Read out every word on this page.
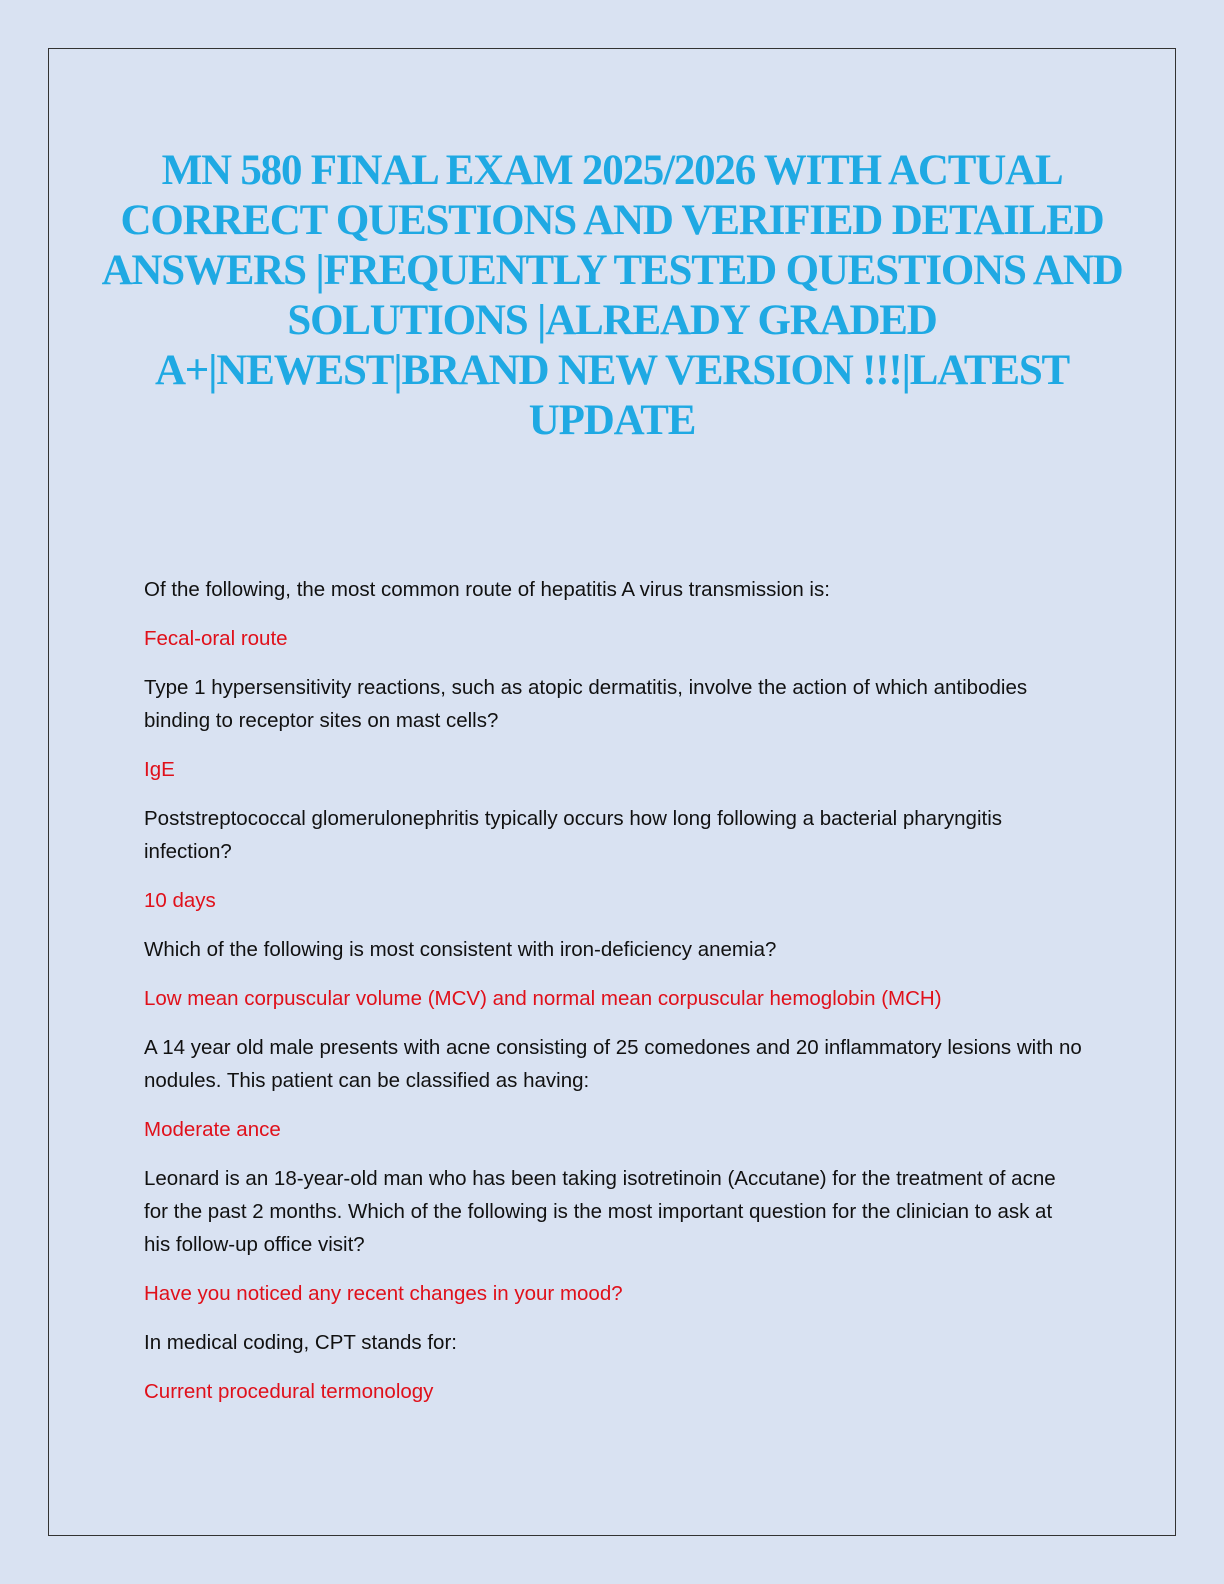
MN 580 FINAL EXAM 2025/2026 WITH ACTUAL CORRECT QUESTIONS AND VERIFIED DETAILED ANSWERS |FREQUENTLY TESTED QUESTIONS AND SOLUTIONS |ALREADY GRADED A+|NEWEST|BRAND NEW VERSION !!!|LATEST UPDATE

Of the following, the most common route of hepatitis A virus transmission is:

Fecal-oral route

Type 1 hypersensitivity reactions, such as atopic dermatitis, involve the action of which antibodies binding to receptor sites on mast cells?

IgE

Poststreptococcal glomerulonephritis typically occurs how long following a bacterial pharyngitis infection?

10 days

Which of the following is most consistent with iron-deficiency anemia?

Low mean corpuscular volume (MCV) and normal mean corpuscular hemoglobin (MCH)

A 14 year old male presents with acne consisting of 25 comedones and 20 inflammatory lesions with no nodules. This patient can be classified as having:

Moderate ance

Leonard is an 18-year-old man who has been taking isotretinoin (Accutane) for the treatment of acne for the past 2 months. Which of the following is the most important question for the clinician to ask at his follow-up office visit?

Have you noticed any recent changes in your mood?

In medical coding, CPT stands for:

Current procedural termonology
